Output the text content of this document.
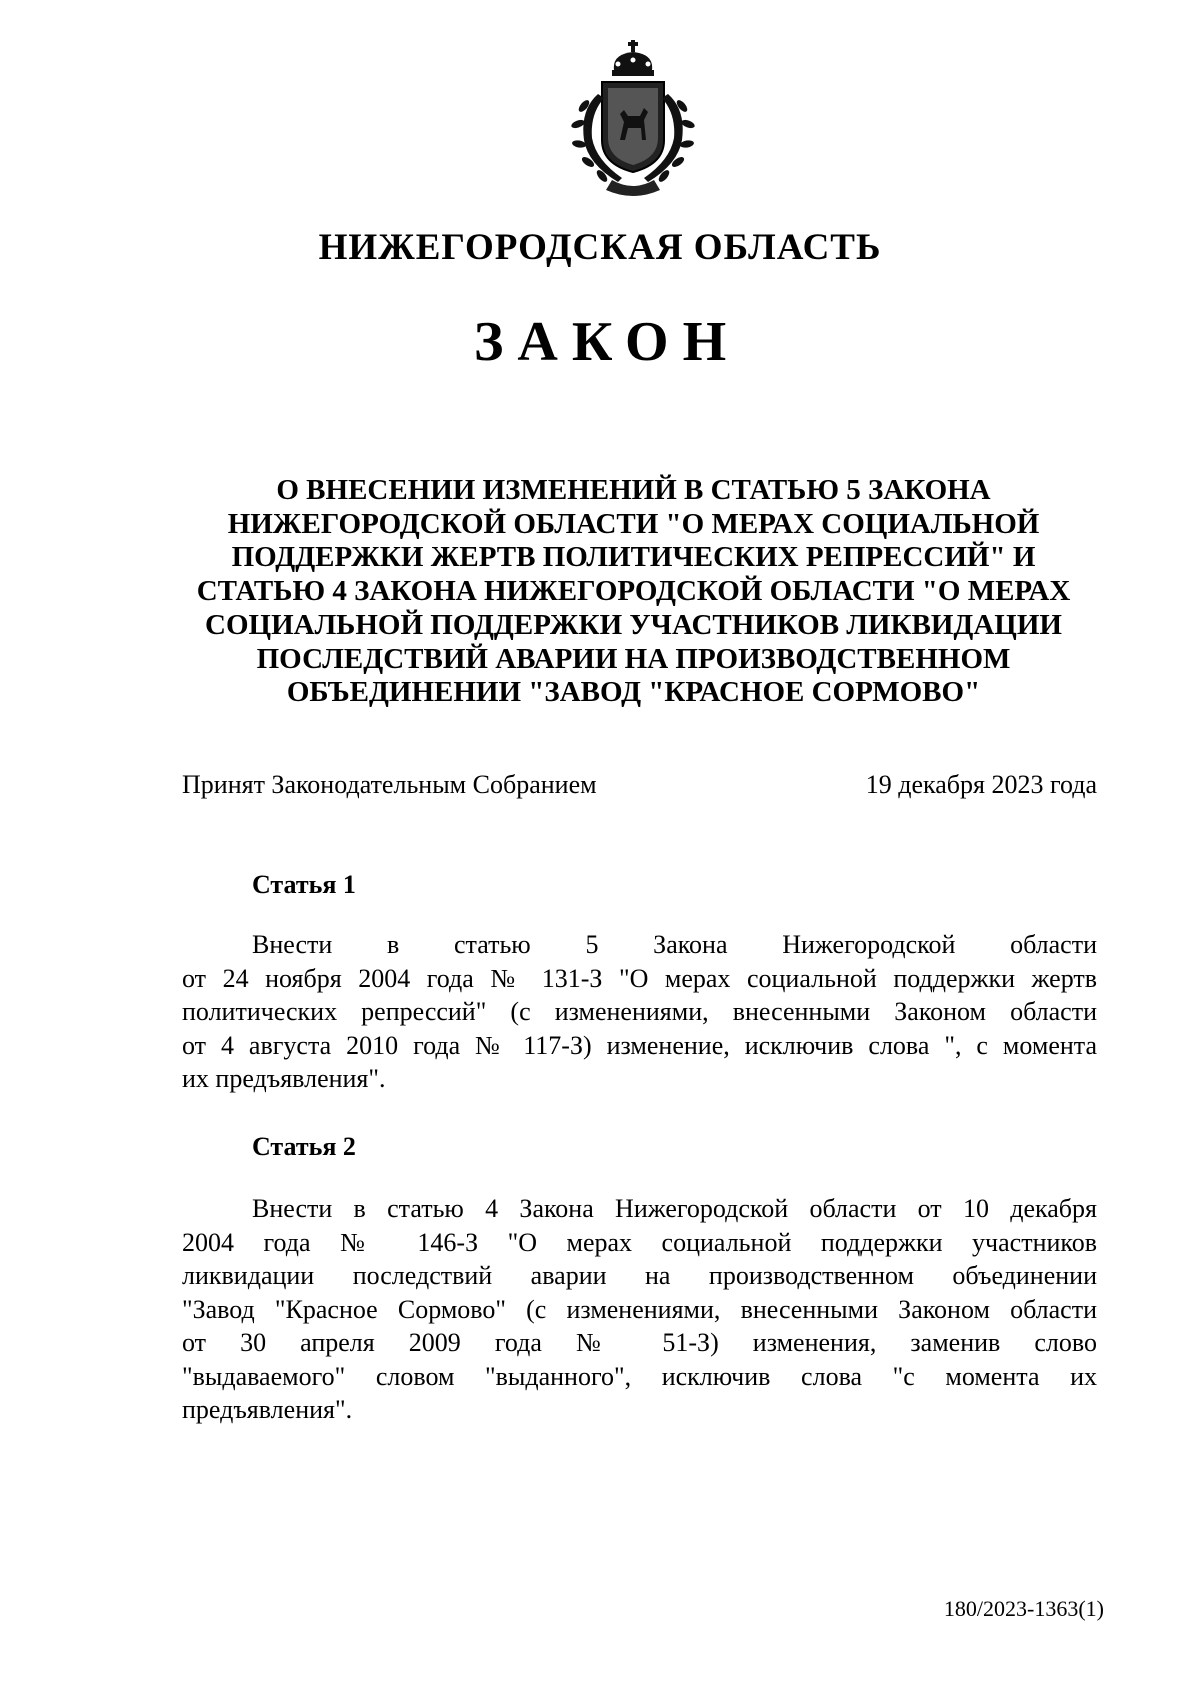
НИЖЕГОРОДСКАЯ ОБЛАСТЬ
ЗАКОН
О ВНЕСЕНИИ ИЗМЕНЕНИЙ В СТАТЬЮ 5 ЗАКОНА
НИЖЕГОРОДСКОЙ ОБЛАСТИ "О МЕРАХ СОЦИАЛЬНОЙ
ПОДДЕРЖКИ ЖЕРТВ ПОЛИТИЧЕСКИХ РЕПРЕССИЙ" И
СТАТЬЮ 4 ЗАКОНА НИЖЕГОРОДСКОЙ ОБЛАСТИ "О МЕРАХ
СОЦИАЛЬНОЙ ПОДДЕРЖКИ УЧАСТНИКОВ ЛИКВИДАЦИИ
ПОСЛЕДСТВИЙ АВАРИИ НА ПРОИЗВОДСТВЕННОМ
ОБЪЕДИНЕНИИ "ЗАВОД "КРАСНОЕ СОРМОВО"
Принят Законодательным Собранием	19 декабря 2023 года
Статья 1
Внести в статью 5 Закона Нижегородской области
от 24 ноября 2004 года № 131-З "О мерах социальной поддержки жертв
политических репрессий" (с изменениями, внесенными Законом области
от 4 августа 2010 года № 117-З) изменение, исключив слова ", с момента
их предъявления".
Статья 2
Внести в статью 4 Закона Нижегородской области от 10 декабря
2004 года № 146-З "О мерах социальной поддержки участников
ликвидации последствий аварии на производственном объединении
"Завод "Красное Сормово" (с изменениями, внесенными Законом области
от 30 апреля 2009 года № 51-З) изменения, заменив слово
"выдаваемого" словом "выданного", исключив слова "с момента их
предъявления".
180/2023-1363(1)
